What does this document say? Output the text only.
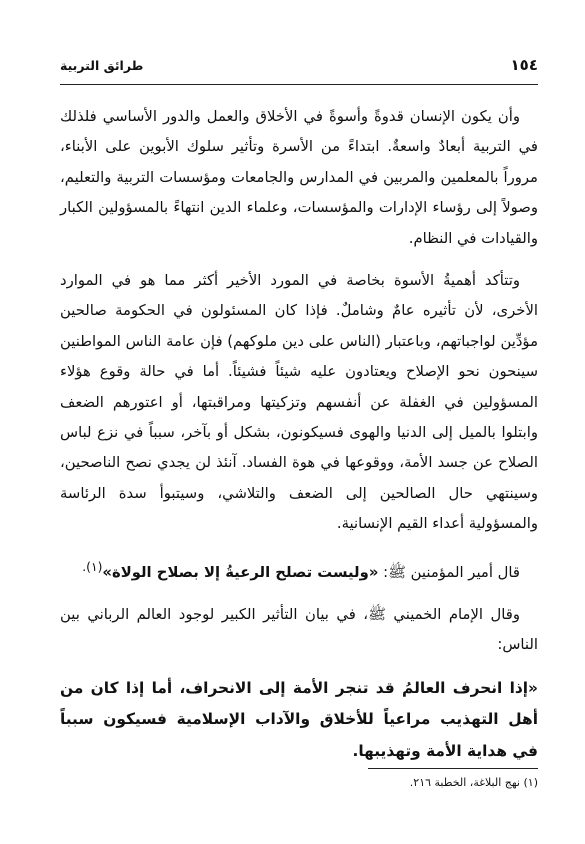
١٥٤
طرائق التربية

وأن يكون الإنسان قدوةً وأسوةً في الأخلاق والعمل والدور الأساسي فلذلك في التربية أبعادٌ واسعةٌ. ابتداءً من الأسرة وتأثير سلوك الأبوين على الأبناء، مروراً بالمعلمين والمربين في المدارس والجامعات ومؤسسات التربية والتعليم، وصولاً إلى رؤساء الإدارات والمؤسسات، وعلماء الدين انتهاءً بالمسؤولين الكبار والقيادات في النظام.

وتتأكد أهميةُ الأسوة بخاصة في المورد الأخير أكثر مما هو في الموارد الأخرى، لأن تأثيره عامٌ وشاملٌ. فإذا كان المسئولون في الحكومة صالحين مؤدِّين لواجباتهم، وباعتبار (الناس على دين ملوكهم) فإن عامة الناس المواطنين سينحون نحو الإصلاح ويعتادون عليه شيئاً فشيئاً. أما في حالة وقوع هؤلاء المسؤولين في الغفلة عن أنفسهم وتزكيتها ومراقبتها، أو اعتورهم الضعف وابتلوا بالميل إلى الدنيا والهوى فسيكونون، بشكل أو بآخر، سبباً في نزع لباس الصلاح عن جسد الأمة، ووقوعها في هوة الفساد. آنئذ لن يجدي نصح الناصحين، وسينتهي حال الصالحين إلى الضعف والتلاشي، وسيتبوأ سدة الرئاسة والمسؤولية أعداء القيم الإنسانية.

قال أمير المؤمنين ﷺ: «وليست تصلح الرعيةُ إلا بصلاح الولاة»$^{(١).}$

وقال الإمام الخميني ﷺ، في بيان التأثير الكبير لوجود العالم الرباني بين الناس:

«إذا انحرف العالمُ قد تنجر الأمة إلى الانحراف، أما إذا كان من أهل التهذيب مراعياً للأخلاق والآداب الإسلامية فسيكون سبباً في هداية الأمة وتهذيبها.

(١) نهج البلاغة، الخطبة ٢١٦.
